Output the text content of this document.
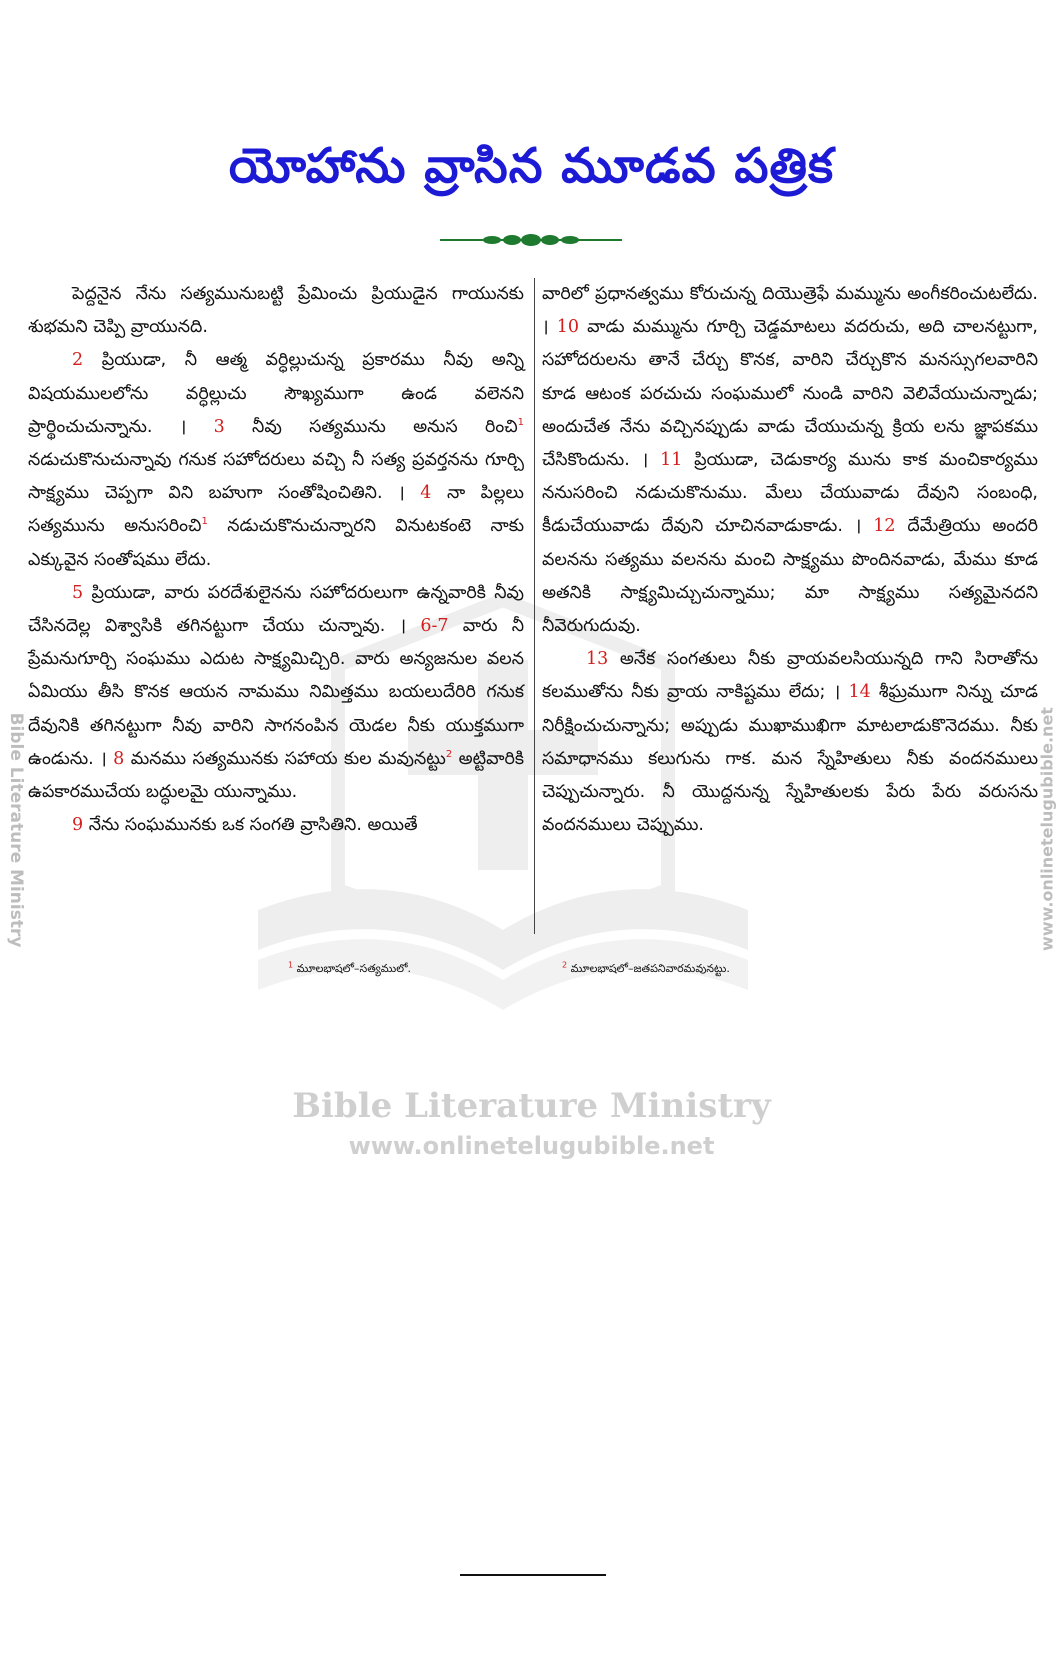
యోహాను వ్రాసిన మూడవ పత్రిక
Bible Literature Ministry
www.onlinetelugubible.net
Bible Literature Ministry	www.onlinetelugubible.net

పెద్దనైన నేను సత్యమునుబట్టి ప్రేమించు ప్రియుడైన గాయునకు శుభమని చెప్పి వ్రాయునది.

2 ప్రియుడా, నీ ఆత్మ వర్ధిల్లుచున్న ప్రకారము నీవు అన్ని విషయములలోను వర్ధిల్లుచు సౌఖ్యముగా ఉండ వలెనని ప్రార్థించుచున్నాను. । 3 నీవు సత్యమును అనుస రించి$^1$ నడుచుకొనుచున్నావు గనుక సహోదరులు వచ్చి నీ సత్య ప్రవర్తనను గూర్చి సాక్ష్యము చెప్పగా విని బహుగా సంతోషించితిని. । 4 నా పిల్లలు సత్యమును అనుసరించి$^1$ నడుచుకొనుచున్నారని వినుటకంటె నాకు ఎక్కువైన సంతోషము లేదు.

5 ప్రియుడా, వారు పరదేశులైనను సహోదరులుగా ఉన్నవారికి నీవు చేసినదెల్ల విశ్వాసికి తగినట్టుగా చేయు చున్నావు. । 6-7 వారు నీ ప్రేమనుగూర్చి సంఘము ఎదుట సాక్ష్యమిచ్చిరి. వారు అన్యజనుల వలన ఏమియు తీసి కొనక ఆయన నామము నిమిత్తము బయలుదేరిరి గనుక దేవునికి తగినట్టుగా నీవు వారిని సాగనంపిన యెడల నీకు యుక్తముగా ఉండును. । 8 మనము సత్యమునకు సహాయ కుల మవునట్టు$^2$ అట్టివారికి ఉపకారముచేయ బద్ధులమై యున్నాము.

9 నేను సంఘమునకు ఒక సంగతి వ్రాసితిని. అయితే

వారిలో ప్రధానత్వము కోరుచున్న దియొత్రెఫే మమ్మును అంగీకరించుటలేదు. । 10 వాడు మమ్మును గూర్చి చెడ్డమాటలు వదరుచు, అది చాలనట్టుగా, సహోదరులను తానే చేర్చు కొనక, వారిని చేర్చుకొన మనస్సుగలవారిని కూడ ఆటంక పరచుచు సంఘములో నుండి వారిని వెలివేయుచున్నాడు; అందుచేత నేను వచ్చినప్పుడు వాడు చేయుచున్న క్రియ లను జ్ఞాపకము చేసికొందును. । 11 ప్రియుడా, చెడుకార్య మును కాక మంచికార్యము ననుసరించి నడుచుకొనుము. మేలు చేయువాడు దేవుని సంబంధి, కీడుచేయువాడు దేవుని చూచినవాడుకాడు. । 12 దేమేత్రియు అందరి వలనను సత్యము వలనను మంచి సాక్ష్యము పొందినవాడు, మేము కూడ అతనికి సాక్ష్యమిచ్చుచున్నాము; మా సాక్ష్యము సత్యమైనదని నీవెరుగుదువు.

13 అనేక సంగతులు నీకు వ్రాయవలసియున్నది గాని సిరాతోను కలముతోను నీకు వ్రాయ నాకిష్టము లేదు; । 14 శీఘ్రముగా నిన్ను చూడ నిరీక్షించుచున్నాను; అప్పుడు ముఖాముఖిగా మాటలాడుకొనెదము. నీకు సమాధానము కలుగును గాక. మన స్నేహితులు నీకు వందనములు చెప్పుచున్నారు. నీ యొద్దనున్న స్నేహితులకు పేరు పేరు వరుసను వందనములు చెప్పుము.

$^1$ మూలభాషలో–సత్యములో.	$^2$ మూలభాషలో–జతపనివారమవునట్టు.
